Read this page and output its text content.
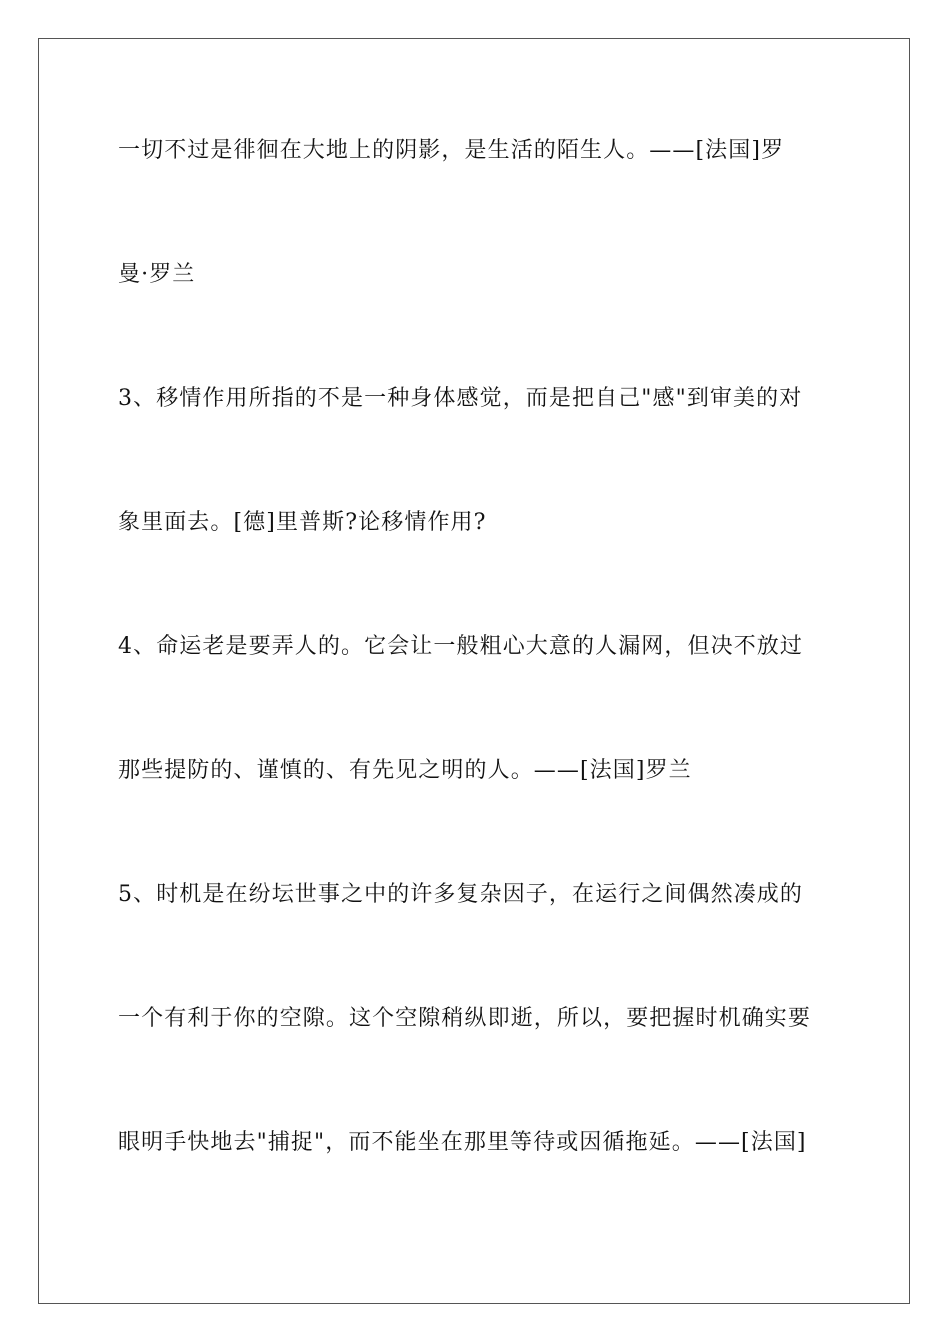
一切不过是徘徊在大地上的阴影，是生活的陌生人。——[法国]罗
曼·罗兰
3、移情作用所指的不是一种身体感觉，而是把自己"感"到审美的对
象里面去。[德]里普斯?论移情作用?
4、命运老是要弄人的。它会让一般粗心大意的人漏网，但决不放过
那些提防的、谨慎的、有先见之明的人。——[法国]罗兰
5、时机是在纷坛世事之中的许多复杂因子，在运行之间偶然凑成的
一个有利于你的空隙。这个空隙稍纵即逝，所以，要把握时机确实要
眼明手快地去"捕捉"，而不能坐在那里等待或因循拖延。——[法国]
